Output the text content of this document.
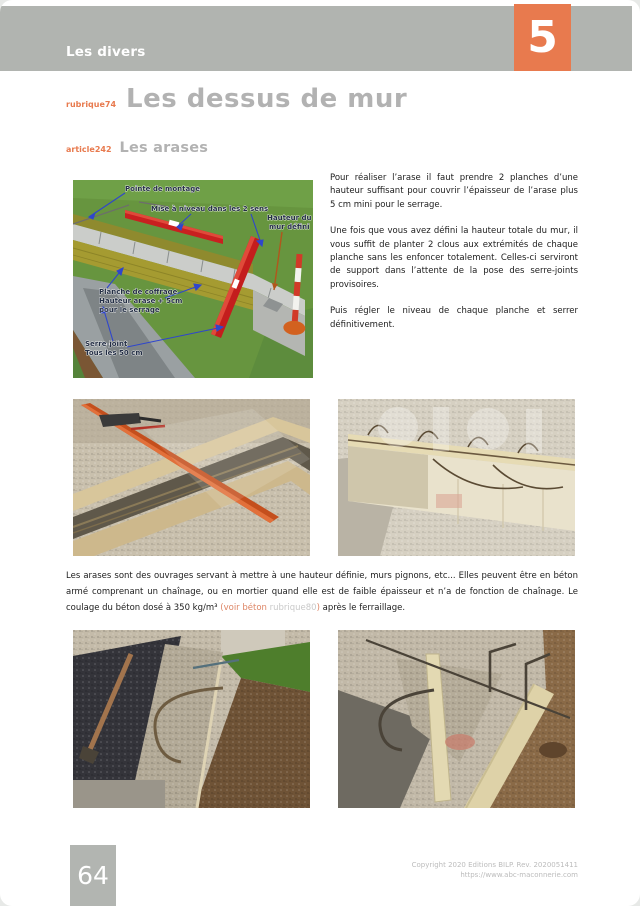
Les divers	5
rubrique74 Les dessus de mur
article242 Les arases
Pointe de montage
Mise à niveau dans les 2 sens
Hauteur du
mur défini
Planche de coffrage
Hauteur arase + 5cm
pour le serrage
Serre-joint
Tous les 50 cm

Pour réaliser l’arase il faut prendre 2 planches d’une hauteur suffisant pour couvrir l’épaisseur de l’arase plus 5 cm mini pour le serrage.

Une fois que vous avez défini la hauteur totale du mur, il vous suffit de planter 2 clous aux extrémités de chaque planche sans les enfoncer totalement. Celles-ci serviront de support dans l’attente de la pose des serre-joints provisoires.

Puis régler le niveau de chaque planche et serrer définitivement.

Les arases sont des ouvrages servant à mettre à une hauteur définie, murs pignons, etc... Elles peuvent être en béton armé comprenant un chaînage, ou en mortier quand elle est de faible épaisseur et n’a de fonction de chaînage. Le coulage du béton dosé à 350 kg/m³ (voir béton rubrique80) après le ferraillage.

64	Copyright 2020 Editions BILP. Rev. 2020051411
https://www.abc-maconnerie.com
